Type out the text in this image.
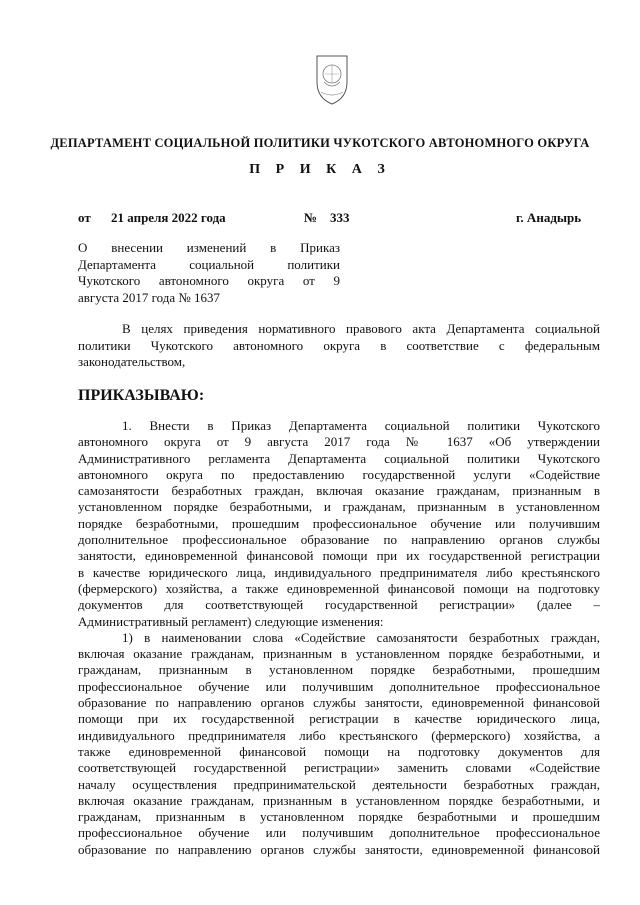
ДЕПАРТАМЕНТ СОЦИАЛЬНОЙ ПОЛИТИКИ ЧУКОТСКОГО АВТОНОМНОГО ОКРУГА
П Р И К А З
от 21 апреля 2022 года	№ 333	г. Анадырь
О внесении изменений в Приказ
Департамента социальной политики
Чукотского автономного округа от 9
августа 2017 года № 1637
В целях приведения нормативного правового акта Департамента социальной
политики Чукотского автономного округа в соответствие с федеральным
законодательством,
ПРИКАЗЫВАЮ:
1. Внести в Приказ Департамента социальной политики Чукотского
автономного округа от 9 августа 2017 года № 1637 «Об утверждении
Административного регламента Департамента социальной политики Чукотского
автономного округа по предоставлению государственной услуги «Содействие
самозанятости безработных граждан, включая оказание гражданам, признанным в
установленном порядке безработными, и гражданам, признанным в установленном
порядке безработными, прошедшим профессиональное обучение или получившим
дополнительное профессиональное образование по направлению органов службы
занятости, единовременной финансовой помощи при их государственной регистрации
в качестве юридического лица, индивидуального предпринимателя либо крестьянского
(фермерского) хозяйства, а также единовременной финансовой помощи на подготовку
документов для соответствующей государственной регистрации» (далее –
Административный регламент) следующие изменения:
1) в наименовании слова «Содействие самозанятости безработных граждан,
включая оказание гражданам, признанным в установленном порядке безработными, и
гражданам, признанным в установленном порядке безработными, прошедшим
профессиональное обучение или получившим дополнительное профессиональное
образование по направлению органов службы занятости, единовременной финансовой
помощи при их государственной регистрации в качестве юридического лица,
индивидуального предпринимателя либо крестьянского (фермерского) хозяйства, а
также единовременной финансовой помощи на подготовку документов для
соответствующей государственной регистрации» заменить словами «Содействие
началу осуществления предпринимательской деятельности безработных граждан,
включая оказание гражданам, признанным в установленном порядке безработными, и
гражданам, признанным в установленном порядке безработными и прошедшим
профессиональное обучение или получившим дополнительное профессиональное
образование по направлению органов службы занятости, единовременной финансовой
